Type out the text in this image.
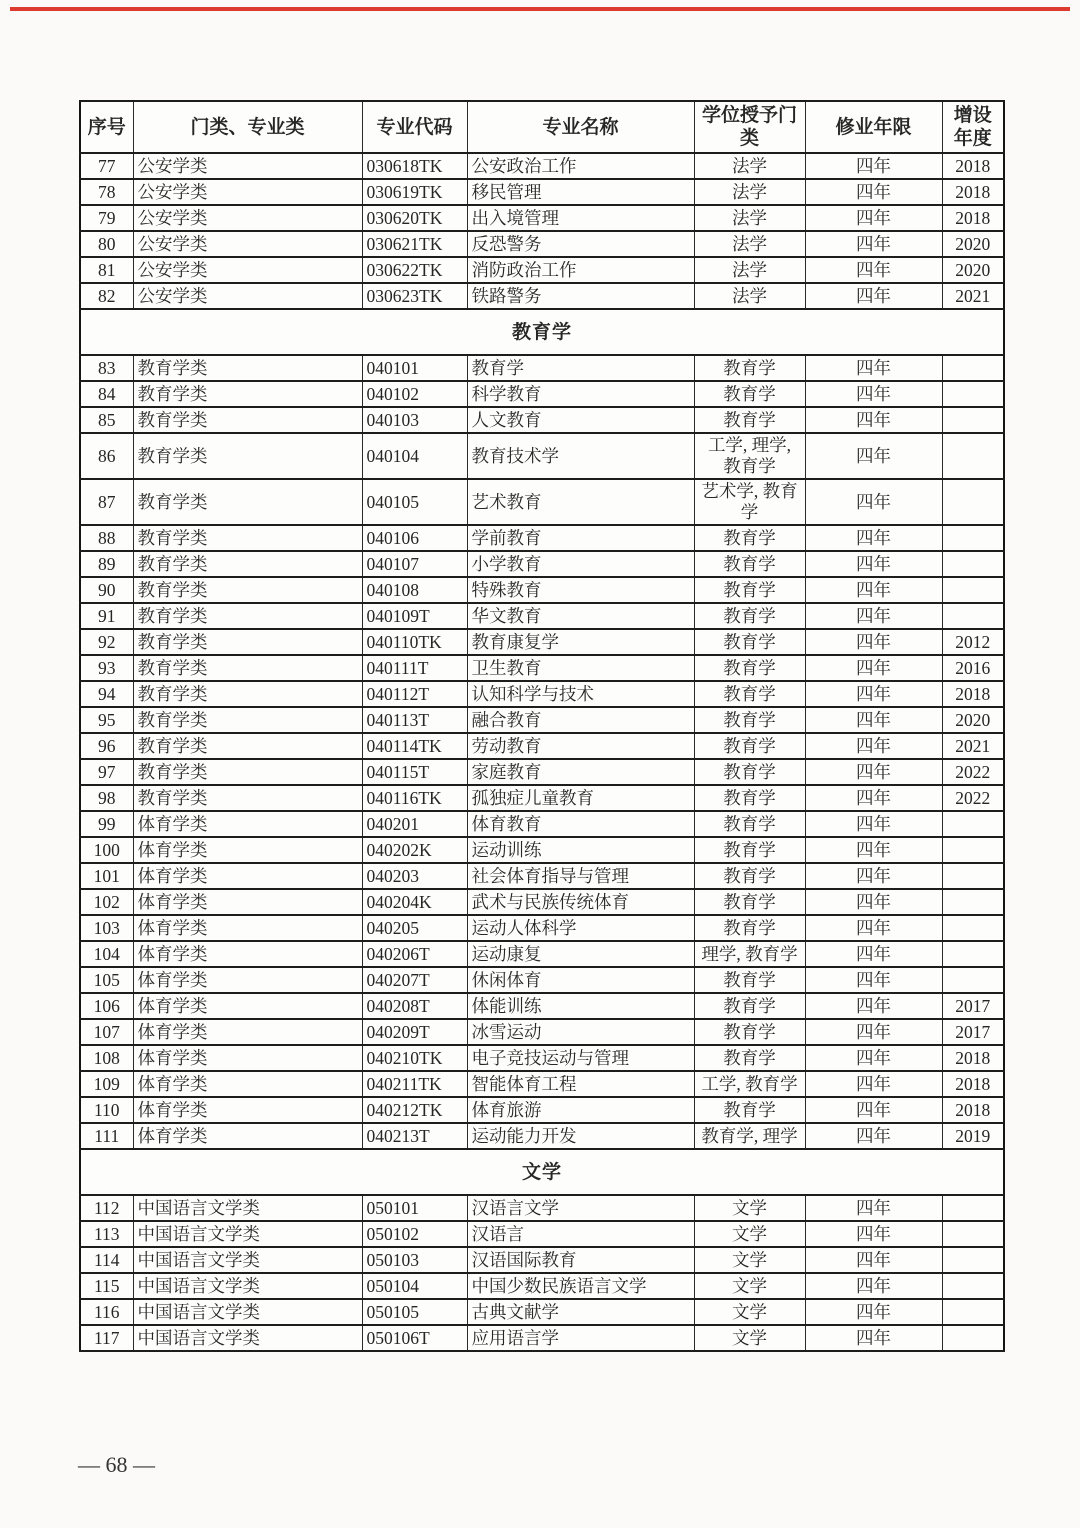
序号	门类、专业类	专业代码	专业名称	学位授予门类	修业年限	增设年度
77	公安学类	030618TK	公安政治工作	法学	四年	2018
78	公安学类	030619TK	移民管理	法学	四年	2018
79	公安学类	030620TK	出入境管理	法学	四年	2018
80	公安学类	030621TK	反恐警务	法学	四年	2020
81	公安学类	030622TK	消防政治工作	法学	四年	2020
82	公安学类	030623TK	铁路警务	法学	四年	2021
教育学						
83	教育学类	040101	教育学	教育学	四年	
84	教育学类	040102	科学教育	教育学	四年	
85	教育学类	040103	人文教育	教育学	四年	
86	教育学类	040104	教育技术学	工学, 理学, 教育学	四年	
87	教育学类	040105	艺术教育	艺术学, 教育学	四年	
88	教育学类	040106	学前教育	教育学	四年	
89	教育学类	040107	小学教育	教育学	四年	
90	教育学类	040108	特殊教育	教育学	四年	
91	教育学类	040109T	华文教育	教育学	四年	
92	教育学类	040110TK	教育康复学	教育学	四年	2012
93	教育学类	040111T	卫生教育	教育学	四年	2016
94	教育学类	040112T	认知科学与技术	教育学	四年	2018
95	教育学类	040113T	融合教育	教育学	四年	2020
96	教育学类	040114TK	劳动教育	教育学	四年	2021
97	教育学类	040115T	家庭教育	教育学	四年	2022
98	教育学类	040116TK	孤独症儿童教育	教育学	四年	2022
99	体育学类	040201	体育教育	教育学	四年	
100	体育学类	040202K	运动训练	教育学	四年	
101	体育学类	040203	社会体育指导与管理	教育学	四年	
102	体育学类	040204K	武术与民族传统体育	教育学	四年	
103	体育学类	040205	运动人体科学	教育学	四年	
104	体育学类	040206T	运动康复	理学, 教育学	四年	
105	体育学类	040207T	休闲体育	教育学	四年	
106	体育学类	040208T	体能训练	教育学	四年	2017
107	体育学类	040209T	冰雪运动	教育学	四年	2017
108	体育学类	040210TK	电子竞技运动与管理	教育学	四年	2018
109	体育学类	040211TK	智能体育工程	工学, 教育学	四年	2018
110	体育学类	040212TK	体育旅游	教育学	四年	2018
111	体育学类	040213T	运动能力开发	教育学, 理学	四年	2019
文学						
112	中国语言文学类	050101	汉语言文学	文学	四年	
113	中国语言文学类	050102	汉语言	文学	四年	
114	中国语言文学类	050103	汉语国际教育	文学	四年	
115	中国语言文学类	050104	中国少数民族语言文学	文学	四年	
116	中国语言文学类	050105	古典文献学	文学	四年	
117	中国语言文学类	050106T	应用语言学	文学	四年	
— 68 —
